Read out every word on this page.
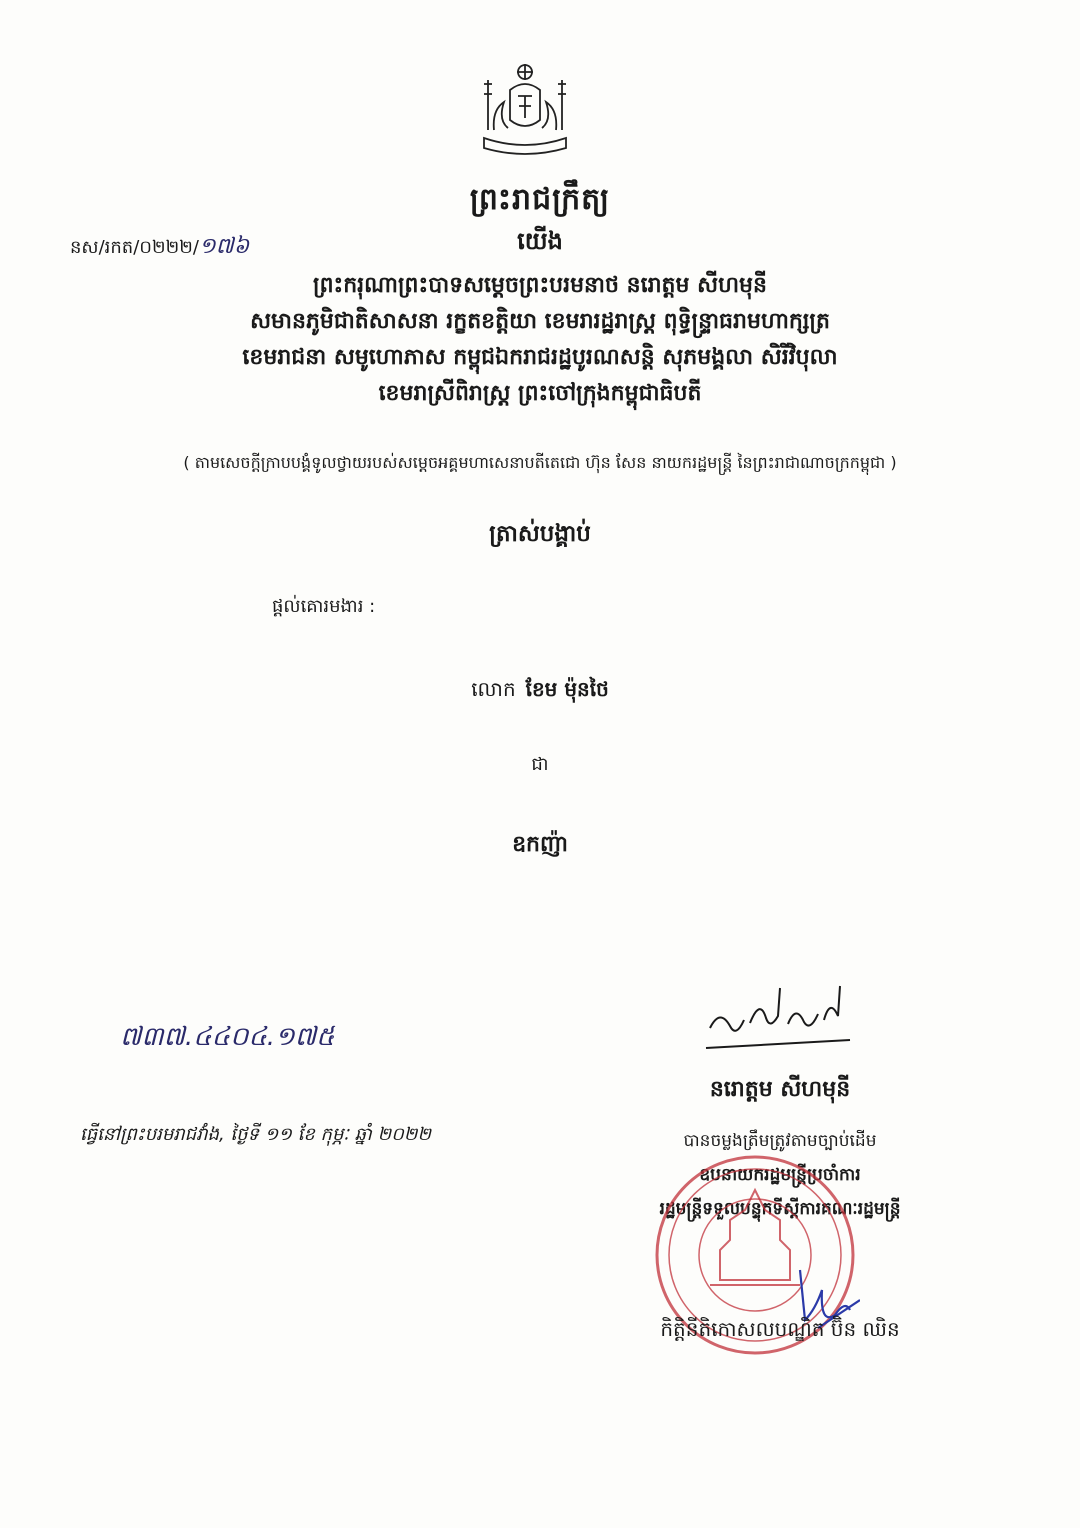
ព្រះរាជក្រឹត្យ
នស/រកត/០២២២/១៧៦	យើង
ព្រះករុណាព្រះបាទសម្តេចព្រះបរមនាថ នរោត្តម សីហមុនី
សមានភូមិជាតិសាសនា រក្ខតខត្តិយា ខេមរារដ្ឋរាស្ត្រ ពុទ្ធិន្ទ្រាធរាមហាក្សត្រ
ខេមរាជនា សមូហោភាស កម្ពុជឯករាជរដ្ឋបូរណសន្តិ សុភមង្គលា សិរីវិបុលា
ខេមរាស្រីពិរាស្ត្រ ព្រះចៅក្រុងកម្ពុជាធិបតី
( តាមសេចក្តីក្រាបបង្គំទូលថ្វាយរបស់សម្តេចអគ្គមហាសេនាបតីតេជោ ហ៊ុន សែន នាយករដ្ឋមន្ត្រី នៃព្រះរាជាណាចក្រកម្ពុជា )
ត្រាស់បង្គាប់
ផ្តល់គោរមងារ :
លោក ខែម ម៉ុនថៃ
ជា
ឧកញ៉ា
៧៣៧.៤៤០៤.១៧៥
ធ្វើនៅព្រះបរមរាជវាំង, ថ្ងៃទី ១១ ខែ កុម្ភៈ ឆ្នាំ ២០២២
នរោត្តម សីហមុនី
បានចម្លងត្រឹមត្រូវតាមច្បាប់ដើម
ឧបនាយករដ្ឋមន្ត្រីប្រចាំការ
រដ្ឋមន្ត្រីទទួលបន្ទុកទីស្តីការគណៈរដ្ឋមន្ត្រី
កិត្តិនីតិកោសលបណ្ឌិត ប៊ិន ឈិន
